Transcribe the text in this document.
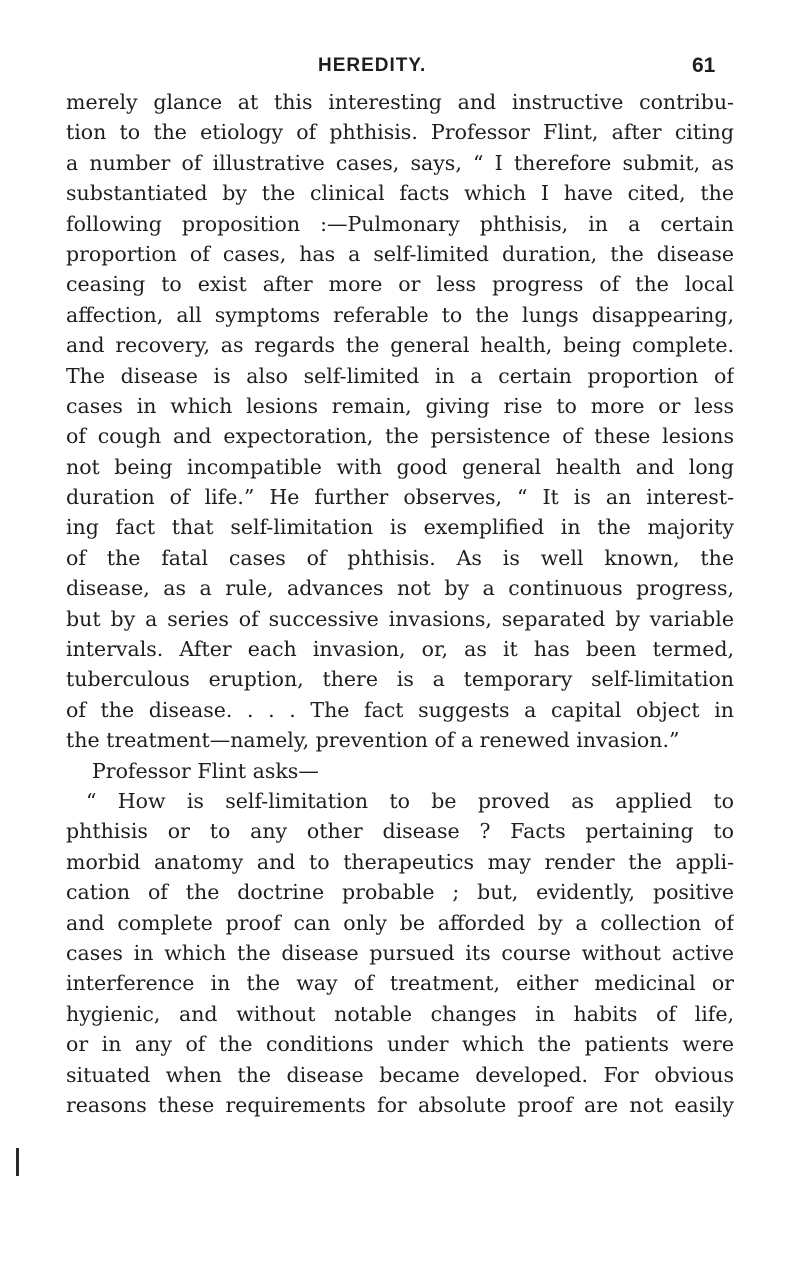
HEREDITY.	61
merely glance at this interesting and instructive contribu-
tion to the etiology of phthisis. Professor Flint, after citing
a number of illustrative cases, says, “ I therefore submit, as
substantiated by the clinical facts which I have cited, the
following proposition :—Pulmonary phthisis, in a certain
proportion of cases, has a self-limited duration, the disease
ceasing to exist after more or less progress of the local
affection, all symptoms referable to the lungs disappearing,
and recovery, as regards the general health, being complete.
The disease is also self-limited in a certain proportion of
cases in which lesions remain, giving rise to more or less
of cough and expectoration, the persistence of these lesions
not being incompatible with good general health and long
duration of life.” He further observes, “ It is an interest-
ing fact that self-limitation is exemplified in the majority
of the fatal cases of phthisis. As is well known, the
disease, as a rule, advances not by a continuous progress,
but by a series of successive invasions, separated by variable
intervals. After each invasion, or, as it has been termed,
tuberculous eruption, there is a temporary self-limitation
of the disease. . . . The fact suggests a capital object in
the treatment—namely, prevention of a renewed invasion.”
Professor Flint asks—
“ How is self-limitation to be proved as applied to
phthisis or to any other disease ? Facts pertaining to
morbid anatomy and to therapeutics may render the appli-
cation of the doctrine probable ; but, evidently, positive
and complete proof can only be afforded by a collection of
cases in which the disease pursued its course without active
interference in the way of treatment, either medicinal or
hygienic, and without notable changes in habits of life,
or in any of the conditions under which the patients were
situated when the disease became developed. For obvious
reasons these requirements for absolute proof are not easily
